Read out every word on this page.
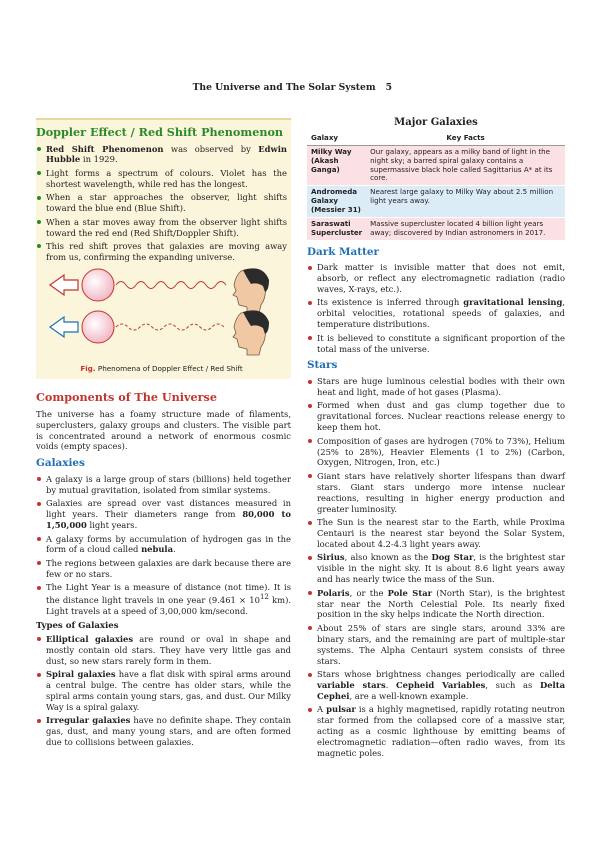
The Universe and The Solar System 5
Doppler Effect / Red Shift Phenomenon
Red Shift Phenomenon was observed by Edwin Hubble in 1929.
Light forms a spectrum of colours. Violet has the shortest wavelength, while red has the longest.
When a star approaches the observer, light shifts toward the blue end (Blue Shift).
When a star moves away from the observer light shifts toward the red end (Red Shift/Doppler Shift).
This red shift proves that galaxies are moving away from us, confirming the expanding universe.
Fig. Phenomena of Doppler Effect / Red Shift
Components of The Universe

The universe has a foamy structure made of filaments, superclusters, galaxy groups and clusters. The visible part is concentrated around a network of enormous cosmic voids (empty spaces).

Galaxies
A galaxy is a large group of stars (billions) held together by mutual gravitation, isolated from similar systems.
Galaxies are spread over vast distances measured in light years. Their diameters range from 80,000 to 1,50,000 light years.
A galaxy forms by accumulation of hydrogen gas in the form of a cloud called nebula.
The regions between galaxies are dark because there are few or no stars.
The Light Year is a measure of distance (not time). It is the distance light travels in one year ($9.461 \times 10^{12}$ km). Light travels at a speed of 3,00,000 km/second.
Types of Galaxies
Elliptical galaxies are round or oval in shape and mostly contain old stars. They have very little gas and dust, so new stars rarely form in them.
Spiral galaxies have a flat disk with spiral arms around a central bulge. The centre has older stars, while the spiral arms contain young stars, gas, and dust. Our Milky Way is a spiral galaxy.
Irregular galaxies have no definite shape. They contain gas, dust, and many young stars, and are often formed due to collisions between galaxies.
Major Galaxies
Galaxy	Key Facts
Milky Way (Akash Ganga)	Our galaxy, appears as a milky band of light in the night sky; a barred spiral galaxy contains a supermassive black hole called Sagittarius A* at its core.
Andromeda Galaxy (Messier 31)	Nearest large galaxy to Milky Way about 2.5 million light years away.
Saraswati Supercluster	Massive supercluster located 4 billion light years away; discovered by Indian astronomers in 2017.
Dark Matter
Dark matter is invisible matter that does not emit, absorb, or reflect any electromagnetic radiation (radio waves, X-rays, etc.).
Its existence is inferred through gravitational lensing, orbital velocities, rotational speeds of galaxies, and temperature distributions.
It is believed to constitute a significant proportion of the total mass of the universe.
Stars
Stars are huge luminous celestial bodies with their own heat and light, made of hot gases (Plasma).
Formed when dust and gas clump together due to gravitational forces. Nuclear reactions release energy to keep them hot.
Composition of gases are hydrogen (70% to 73%), Helium (25% to 28%), Heavier Elements (1 to 2%) (Carbon, Oxygen, Nitrogen, Iron, etc.)
Giant stars have relatively shorter lifespans than dwarf stars. Giant stars undergo more intense nuclear reactions, resulting in higher energy production and greater luminosity.
The Sun is the nearest star to the Earth, while Proxima Centauri is the nearest star beyond the Solar System, located about 4.2-4.3 light years away.
Sirius, also known as the Dog Star, is the brightest star visible in the night sky. It is about 8.6 light years away and has nearly twice the mass of the Sun.
Polaris, or the Pole Star (North Star), is the brightest star near the North Celestial Pole. Its nearly fixed position in the sky helps indicate the North direction.
About 25% of stars are single stars, around 33% are binary stars, and the remaining are part of multiple-star systems. The Alpha Centauri system consists of three stars.
Stars whose brightness changes periodically are called variable stars. Cepheid Variables, such as Delta Cephei, are a well-known example.
A pulsar is a highly magnetised, rapidly rotating neutron star formed from the collapsed core of a massive star, acting as a cosmic lighthouse by emitting beams of electromagnetic radiation—often radio waves, from its magnetic poles.
